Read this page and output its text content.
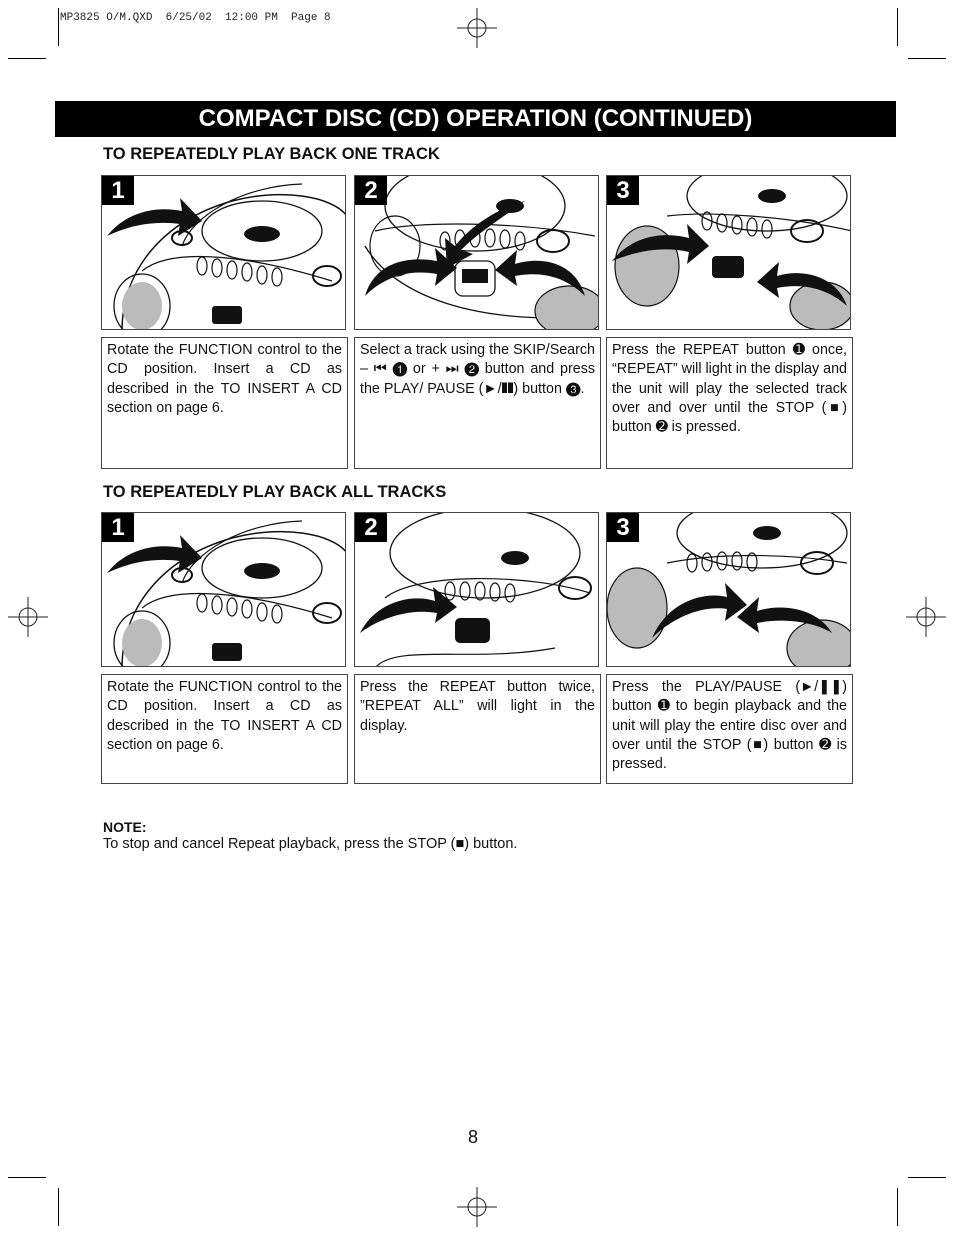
MP3825 O/M.QXD  6/25/02  12:00 PM  Page 8
COMPACT DISC (CD) OPERATION (CONTINUED)
TO REPEATEDLY PLAY BACK ONE TRACK
1	2	3
Rotate the FUNCTION control to the CD position. Insert a CD as described in the TO INSERT A CD section on page 6.
Select a track using the SKIP/Search – ⏮ ➊ or + ⏭ ➋ button and press the PLAY/ PAUSE (►/❚❚) button ➌.
Press the REPEAT button ➊ once, “REPEAT” will light in the display and the unit will play the selected track over and over until the STOP (■) button ➋ is pressed.
TO REPEATEDLY PLAY BACK ALL TRACKS
1	2	3
Rotate the FUNCTION control to the CD position. Insert a CD as described in the TO INSERT A CD section on page 6.
Press the REPEAT button twice, ”REPEAT ALL” will light in the display.
Press the PLAY/PAUSE (►/❚❚) button ➊ to begin playback and the unit will play the entire disc over and over until the STOP (■) button ➋ is pressed.
NOTE:
To stop and cancel Repeat playback, press the STOP (■) button.
8
